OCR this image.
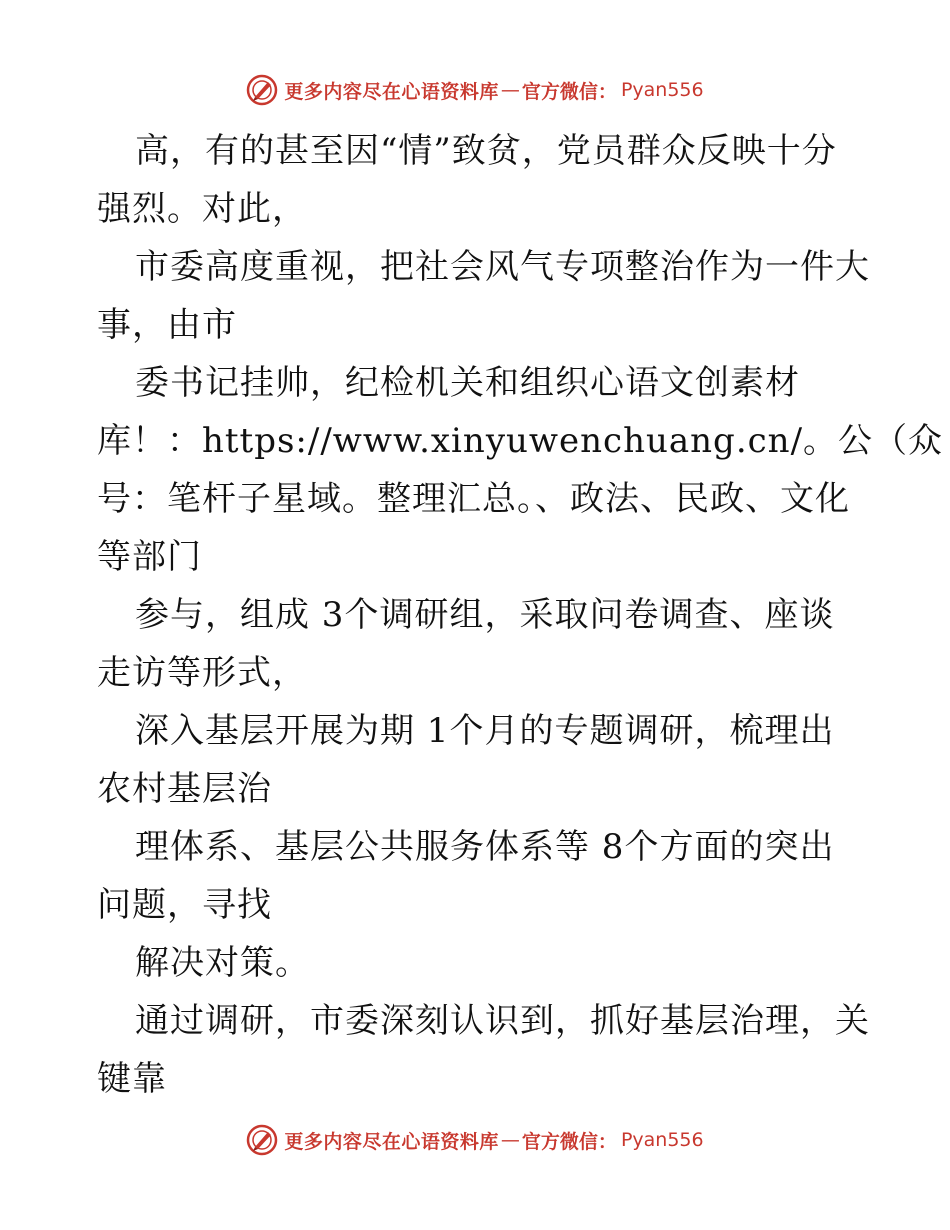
更多内容尽在心语资料库 — 官方微信： Pyan556
高，有的甚至因“情”致贫，党员群众反映十分
强烈。对此，
市委高度重视，把社会风气专项整治作为一件大
事，由市
委书记挂帅，纪检机关和组织心语文创素材
库！：https://www.xinyuwenchuang.cn/。公（众
号：笔杆子星域。整理汇总。、政法、民政、文化
等部门
参与，组成 3个调研组，采取问卷调查、座谈
走访等形式，
深入基层开展为期 1个月的专题调研，梳理出
农村基层治
理体系、基层公共服务体系等 8个方面的突出
问题，寻找
解决对策。
通过调研，市委深刻认识到，抓好基层治理，关
键靠
更多内容尽在心语资料库 — 官方微信： Pyan556
